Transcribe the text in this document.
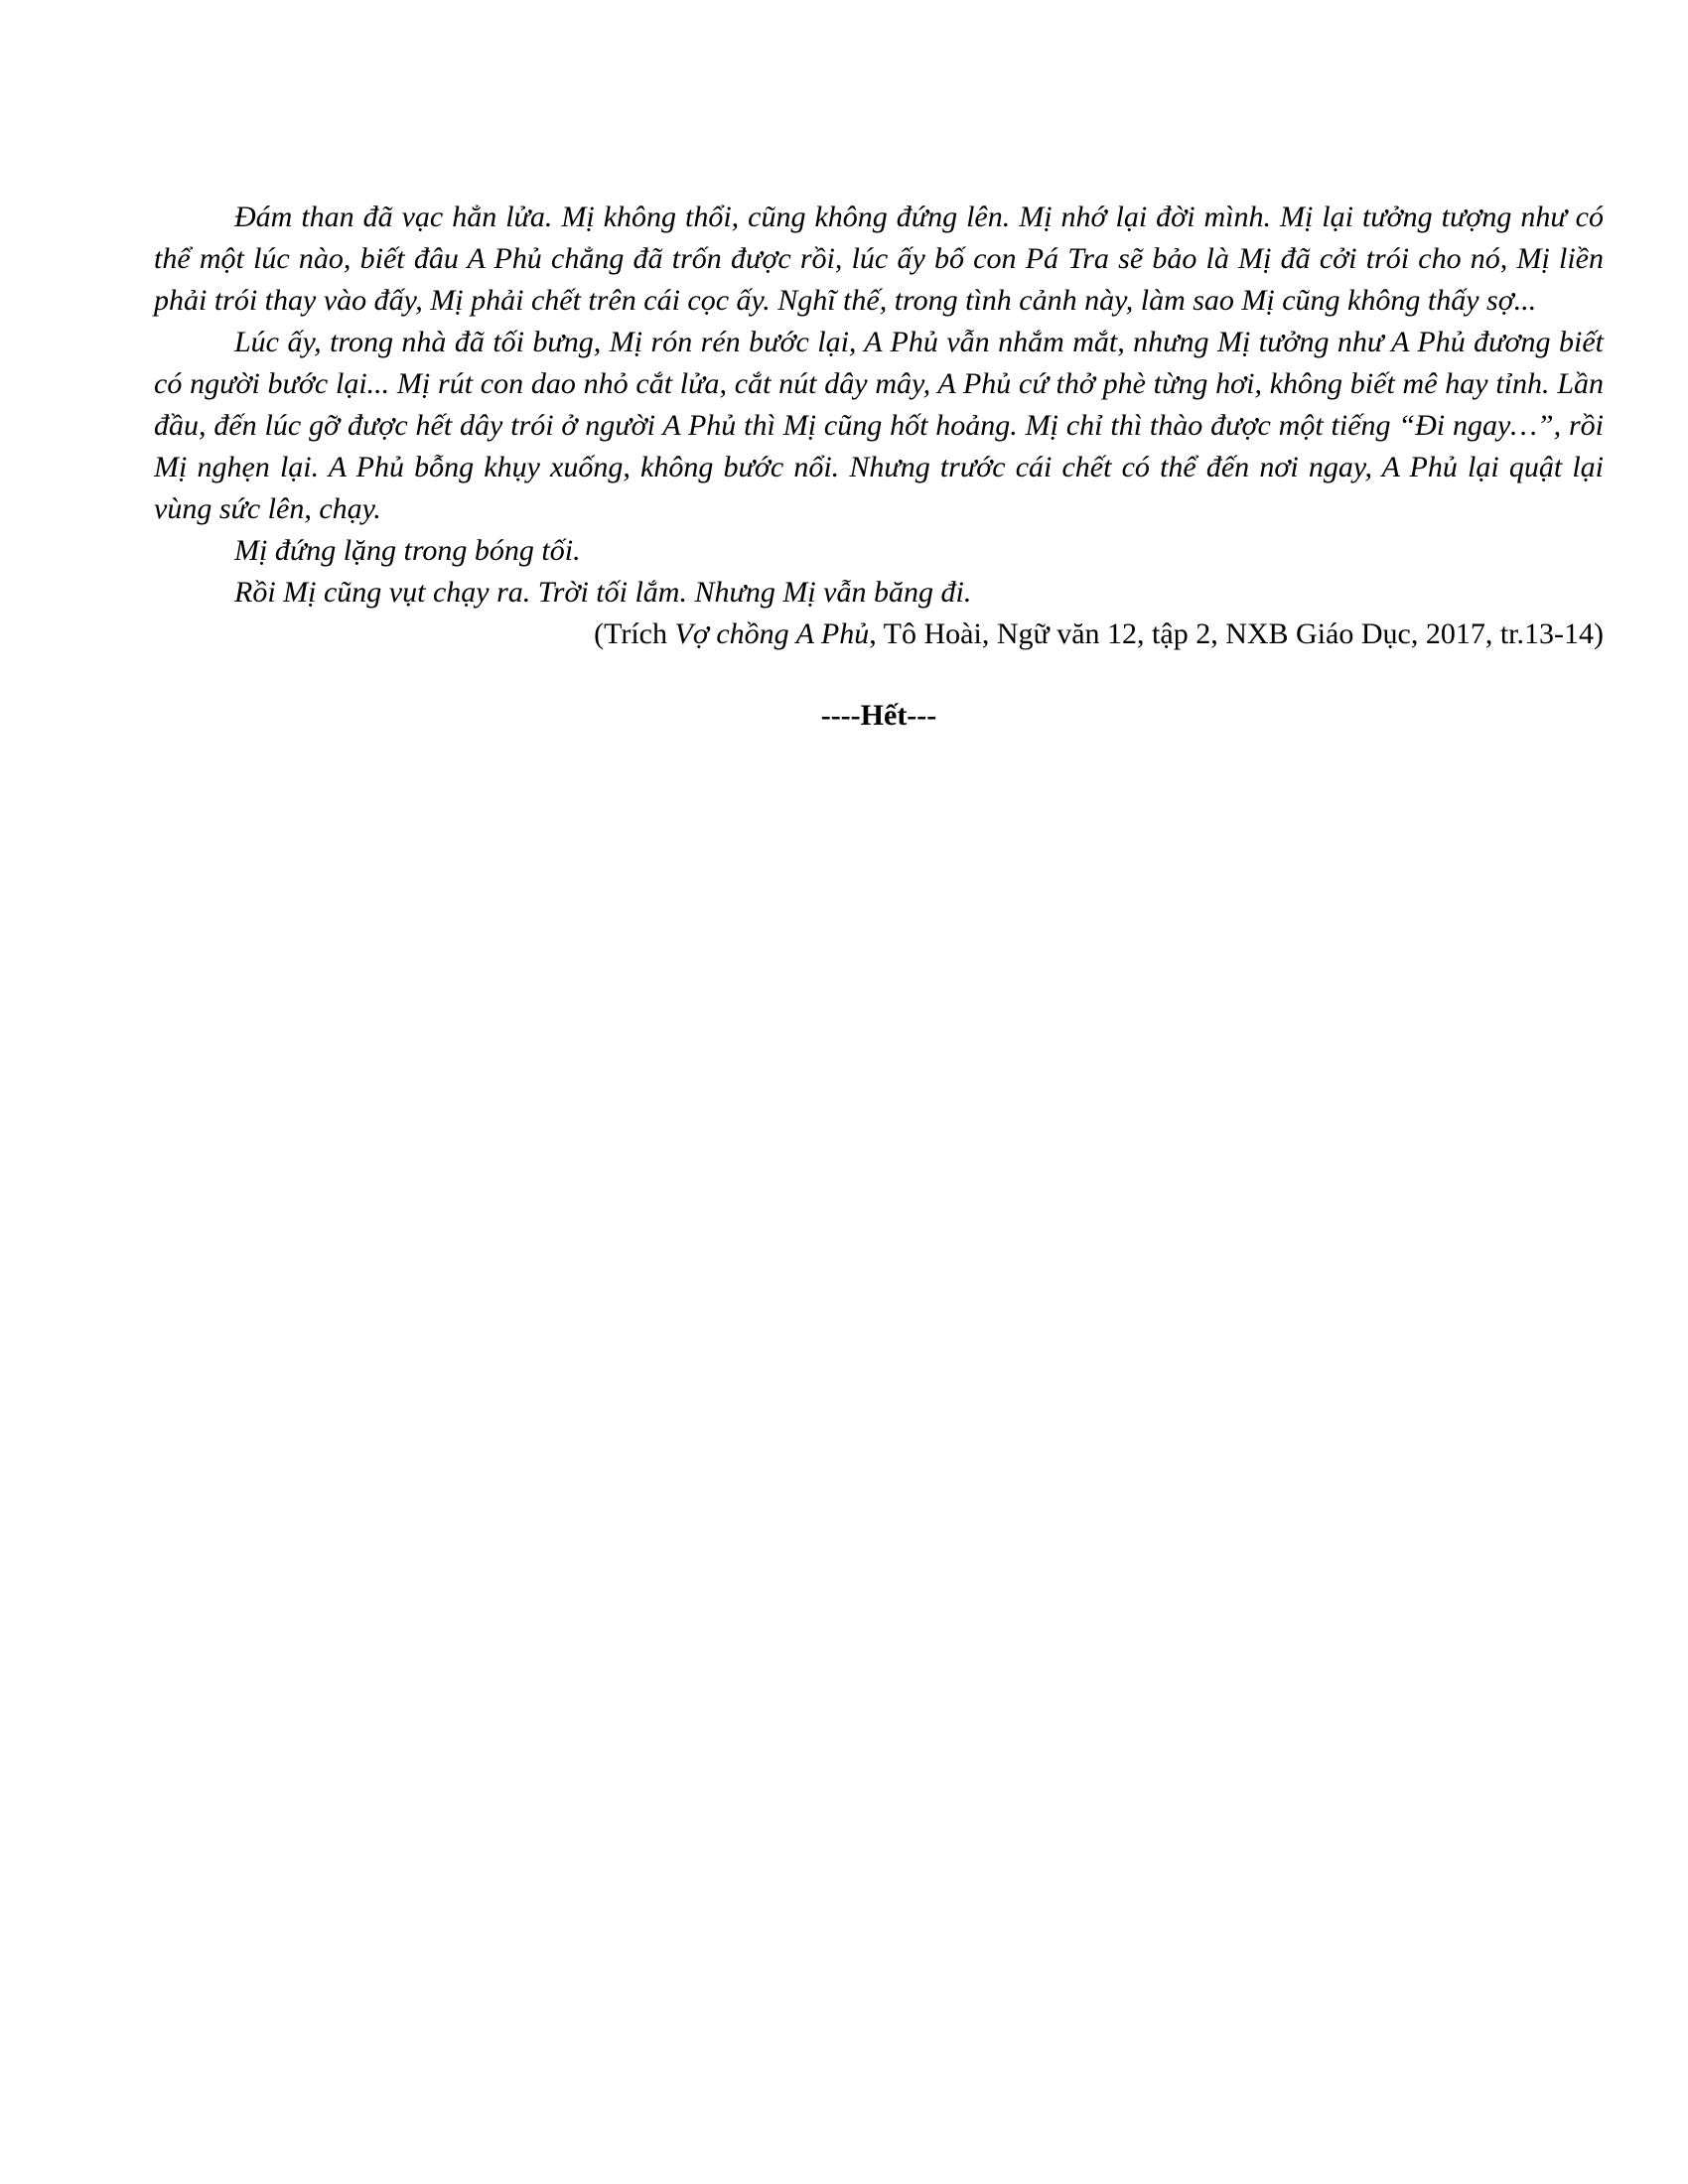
Đám than đã vạc hẳn lửa. Mị không thổi, cũng không đứng lên. Mị nhớ lại đời mình. Mị lại tưởng tượng như có thể một lúc nào, biết đâu A Phủ chẳng đã trốn được rồi, lúc ấy bố con Pá Tra sẽ bảo là Mị đã cởi trói cho nó, Mị liền phải trói thay vào đấy, Mị phải chết trên cái cọc ấy. Nghĩ thế, trong tình cảnh này, làm sao Mị cũng không thấy sợ...

Lúc ấy, trong nhà đã tối bưng, Mị rón rén bước lại, A Phủ vẫn nhắm mắt, nhưng Mị tưởng như A Phủ đương biết có người bước lại... Mị rút con dao nhỏ cắt lửa, cắt nút dây mây, A Phủ cứ thở phè từng hơi, không biết mê hay tỉnh. Lần đầu, đến lúc gỡ được hết dây trói ở người A Phủ thì Mị cũng hốt hoảng. Mị chỉ thì thào được một tiếng “Đi ngay…”, rồi Mị nghẹn lại. A Phủ bỗng khụy xuống, không bước nổi. Nhưng trước cái chết có thể đến nơi ngay, A Phủ lại quật lại vùng sức lên, chạy.

Mị đứng lặng trong bóng tối.

Rồi Mị cũng vụt chạy ra. Trời tối lắm. Nhưng Mị vẫn băng đi.

(Trích Vợ chồng A Phủ, Tô Hoài, Ngữ văn 12, tập 2, NXB Giáo Dục, 2017, tr.13-14)

----Hết---
